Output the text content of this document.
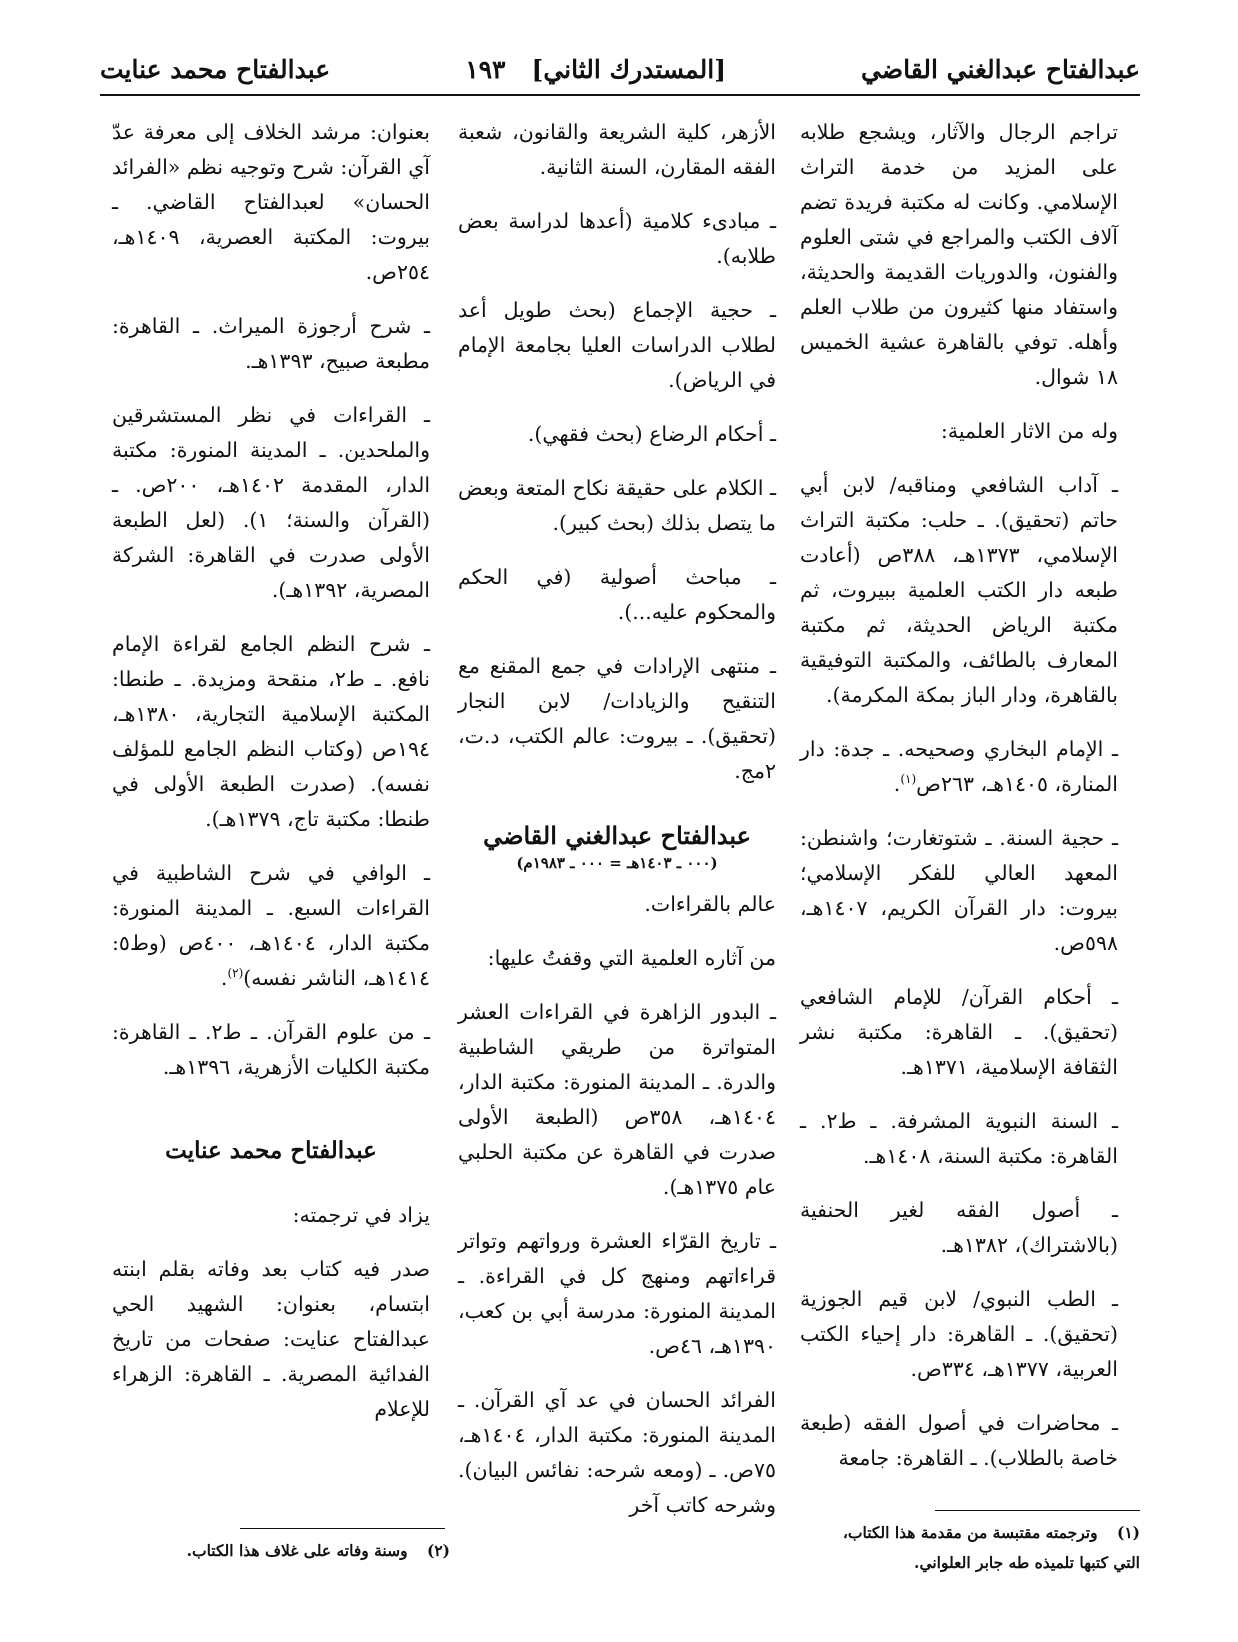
عبدالفتاح عبدالغني القاضي
[المستدرك الثاني]
١٩٣
عبدالفتاح محمد عنايت

تراجم الرجال والآثار، ويشجع طلابه على المزيد من خدمة التراث الإسلامي. وكانت له مكتبة فريدة تضم آلاف الكتب والمراجع في شتى العلوم والفنون، والدوريات القديمة والحديثة، واستفاد منها كثيرون من طلاب العلم وأهله. توفي بالقاهرة عشية الخميس ١٨ شوال.

وله من الاثار العلمية:

ـ آداب الشافعي ومناقبه/ لابن أبي حاتم (تحقيق). ـ حلب: مكتبة التراث الإسلامي، ١٣٧٣هـ، ٣٨٨ص (أعادت طبعه دار الكتب العلمية ببيروت، ثم مكتبة الرياض الحديثة، ثم مكتبة المعارف بالطائف، والمكتبة التوفيقية بالقاهرة، ودار الباز بمكة المكرمة).

ـ الإمام البخاري وصحيحه. ـ جدة: دار المنارة، ١٤٠٥هـ، ٢٦٣ص$^{(١)}$.

ـ حجية السنة. ـ شتوتغارت؛ واشنطن: المعهد العالي للفكر الإسلامي؛ بيروت: دار القرآن الكريم، ١٤٠٧هـ، ٥٩٨ص.

ـ أحكام القرآن/ للإمام الشافعي (تحقيق). ـ القاهرة: مكتبة نشر الثقافة الإسلامية، ١٣٧١هـ.

ـ السنة النبوية المشرفة. ـ ط٢. ـ القاهرة: مكتبة السنة، ١٤٠٨هـ.

ـ أصول الفقه لغير الحنفية (بالاشتراك)، ١٣٨٢هـ.

ـ الطب النبوي/ لابن قيم الجوزية (تحقيق). ـ القاهرة: دار إحياء الكتب العربية، ١٣٧٧هـ، ٣٣٤ص.

ـ محاضرات في أصول الفقه (طبعة خاصة بالطلاب). ـ القاهرة: جامعة

الأزهر، كلية الشريعة والقانون، شعبة الفقه المقارن، السنة الثانية.

ـ مبادىء كلامية (أعدها لدراسة بعض طلابه).

ـ حجية الإجماع (بحث طويل أعد لطلاب الدراسات العليا بجامعة الإمام في الرياض).

ـ أحكام الرضاع (بحث فقهي).

ـ الكلام على حقيقة نكاح المتعة وبعض ما يتصل بذلك (بحث كبير).

ـ مباحث أصولية (في الحكم والمحكوم عليه...).

ـ منتهى الإرادات في جمع المقنع مع التنقيح والزيادات/ لابن النجار (تحقيق). ـ بيروت: عالم الكتب، د.ت، ٢مج.

عبدالفتاح عبدالغني القاضي
(٠٠٠ ـ ١٤٠٣هـ = ٠٠٠ ـ ١٩٨٣م)

عالم بالقراءات.

من آثاره العلمية التي وقفتُ عليها:

ـ البدور الزاهرة في القراءات العشر المتواترة من طريقي الشاطبية والدرة. ـ المدينة المنورة: مكتبة الدار، ١٤٠٤هـ، ٣٥٨ص (الطبعة الأولى صدرت في القاهرة عن مكتبة الحلبي عام ١٣٧٥هـ).

ـ تاريخ القرّاء العشرة ورواتهم وتواتر قراءاتهم ومنهج كل في القراءة. ـ المدينة المنورة: مدرسة أبي بن كعب، ١٣٩٠هـ، ٤٦ص.

الفرائد الحسان في عد آي القرآن. ـ المدينة المنورة: مكتبة الدار، ١٤٠٤هـ، ٧٥ص. ـ (ومعه شرحه: نفائس البيان). وشرحه كاتب آخر

بعنوان: مرشد الخلاف إلى معرفة عدّ آي القرآن: شرح وتوجيه نظم «الفرائد الحسان» لعبدالفتاح القاضي. ـ بيروت: المكتبة العصرية، ١٤٠٩هـ، ٢٥٤ص.

ـ شرح أرجوزة الميراث. ـ القاهرة: مطبعة صبيح، ١٣٩٣هـ.

ـ القراءات في نظر المستشرقين والملحدين. ـ المدينة المنورة: مكتبة الدار، المقدمة ١٤٠٢هـ، ٢٠٠ص. ـ (القرآن والسنة؛ ١). (لعل الطبعة الأولى صدرت في القاهرة: الشركة المصرية، ١٣٩٢هـ).

ـ شرح النظم الجامع لقراءة الإمام نافع. ـ ط٢، منقحة ومزيدة. ـ طنطا: المكتبة الإسلامية التجارية، ١٣٨٠هـ، ١٩٤ص (وكتاب النظم الجامع للمؤلف نفسه). (صدرت الطبعة الأولى في طنطا: مكتبة تاج، ١٣٧٩هـ).

ـ الوافي في شرح الشاطبية في القراءات السبع. ـ المدينة المنورة: مكتبة الدار، ١٤٠٤هـ، ٤٠٠ص (وط٥: ١٤١٤هـ، الناشر نفسه)$^{(٢)}$.

ـ من علوم القرآن. ـ ط٢. ـ القاهرة: مكتبة الكليات الأزهرية، ١٣٩٦هـ.

عبدالفتاح محمد عنايت

يزاد في ترجمته:

صدر فيه كتاب بعد وفاته بقلم ابنته ابتسام، بعنوان: الشهيد الحي عبدالفتاح عنايت: صفحات من تاريخ الفدائية المصرية. ـ القاهرة: الزهراء للإعلام

(١) وترجمته مقتبسة من مقدمة هذا الكتاب، التي كتبها تلميذه طه جابر العلواني.
(٢) وسنة وفاته على غلاف هذا الكتاب.
